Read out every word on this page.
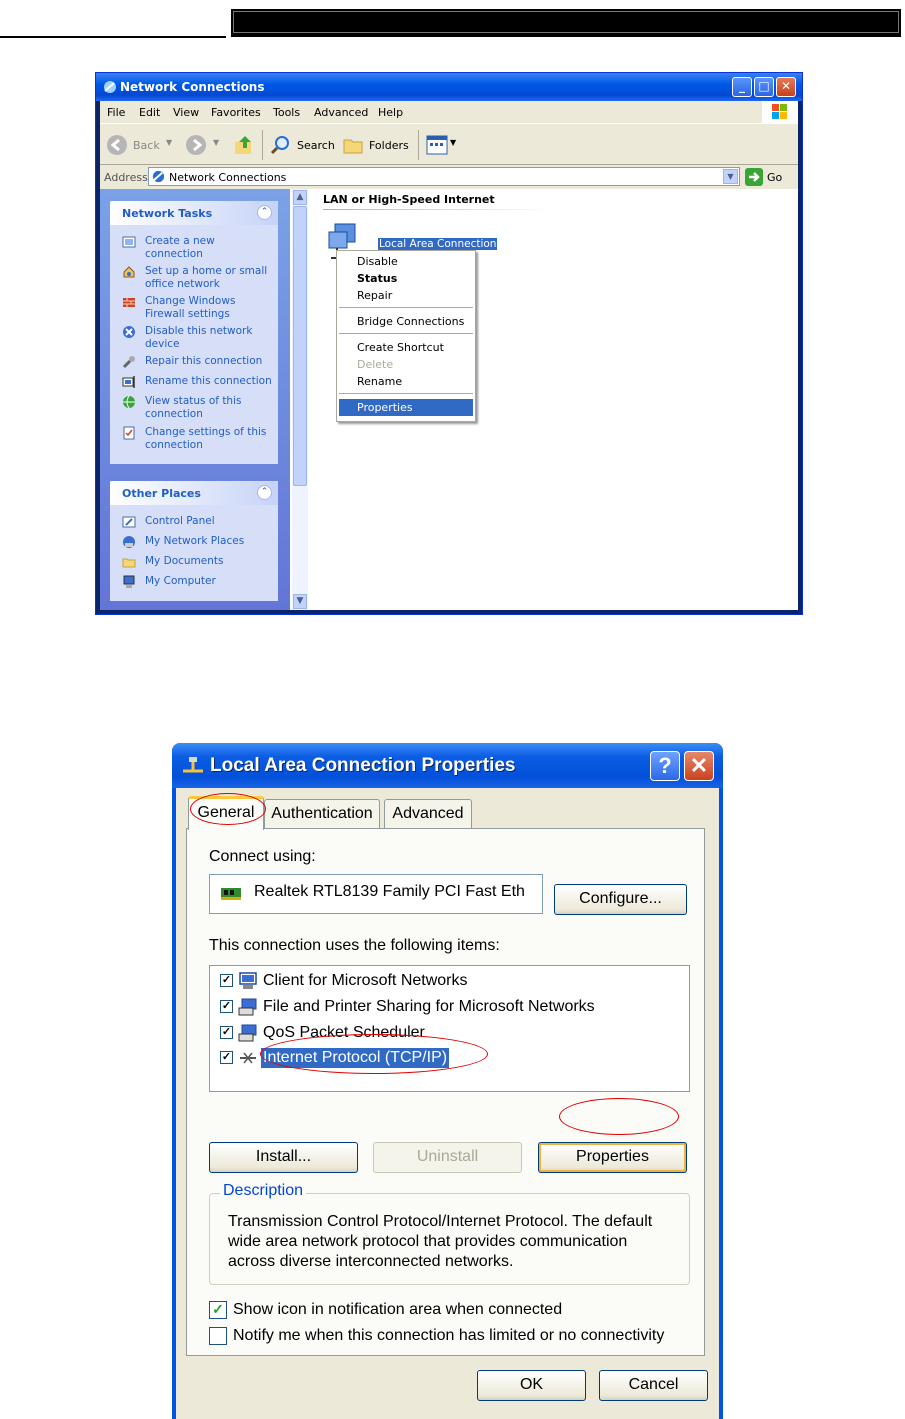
Network Connections	_	□ ✕
File Edit View Favorites Tools Advanced Help
Back ▼	▼	Search	Folders	▼
Address Network Connections	▼	Go
Network Tasks	⌃
Create a new connection
Set up a home or small office network
Change Windows Firewall settings
Disable this network device
Repair this connection
Rename this connection
View status of this connection
Change settings of this connection
Other Places	⌃
Control Panel
My Network Places
My Documents
My Computer
▲
▼
LAN or High-Speed Internet
Local Area Connection
Disable
Status
Repair
Bridge Connections
Create Shortcut
Delete
Rename
Properties
Local Area Connection Properties	? ✕
General	Authentication	Advanced
Connect using:
Realtek RTL8139 Family PCI Fast Eth	Configure...
This connection uses the following items:
✓ Client for Microsoft Networks
✓ File and Printer Sharing for Microsoft Networks
✓ QoS Packet Scheduler
✓ Internet Protocol (TCP/IP)
Install...	Uninstall	Properties
Description
Transmission Control Protocol/Internet Protocol. The default wide area network protocol that provides communication across diverse interconnected networks.
✓ Show icon in notification area when connected
Notify me when this connection has limited or no connectivity
OK	Cancel
